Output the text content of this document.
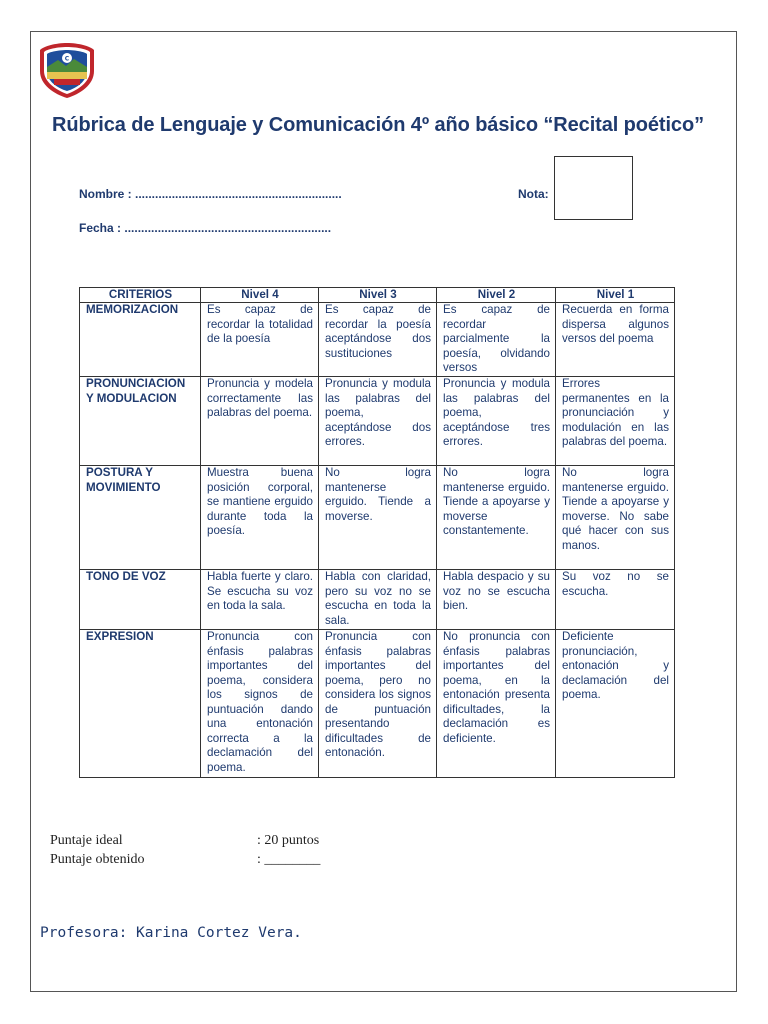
C
Rúbrica de Lenguaje y Comunicación 4º año básico “Recital poético”
Nombre : ..............................................................
Fecha : ..............................................................
Nota:
CRITERIOS	Nivel 4	Nivel 3	Nivel 2	Nivel 1
MEMORIZACION	Es capaz de recordar la totalidad de la poesía	Es capaz de recordar la poesía aceptándose dos sustituciones	Es capaz de recordar parcialmente la poesía, olvidando versos	Recuerda en forma dispersa algunos versos del poema
PRONUNCIACION Y MODULACION	Pronuncia y modela correctamente las palabras del poema.	Pronuncia y modula las palabras del poema, aceptándose dos errores.	Pronuncia y modula las palabras del poema, aceptándose tres errores.	Errores permanentes en la pronunciación y modulación en las palabras del poema.
POSTURA Y MOVIMIENTO	Muestra buena posición corporal, se mantiene erguido durante toda la poesía.	No logra mantenerse erguido. Tiende a moverse.	No logra mantenerse erguido. Tiende a apoyarse y moverse constantemente.	No logra mantenerse erguido. Tiende a apoyarse y moverse. No sabe qué hacer con sus manos.
TONO DE VOZ	Habla fuerte y claro. Se escucha su voz en toda la sala.	Habla con claridad, pero su voz no se escucha en toda la sala.	Habla despacio y su voz no se escucha bien.	Su voz no se escucha.
EXPRESION	Pronuncia con énfasis palabras importantes del poema, considera los signos de puntuación dando una entonación correcta a la declamación del poema.	Pronuncia con énfasis palabras importantes del poema, pero no considera los signos de puntuación presentando dificultades de entonación.	No pronuncia con énfasis palabras importantes del poema, en la entonación presenta dificultades, la declamación es deficiente.	Deficiente pronunciación, entonación y declamación del poema.
Puntaje ideal	: 20 puntos
Puntaje obtenido	: ________
Profesora: Karina Cortez Vera.
